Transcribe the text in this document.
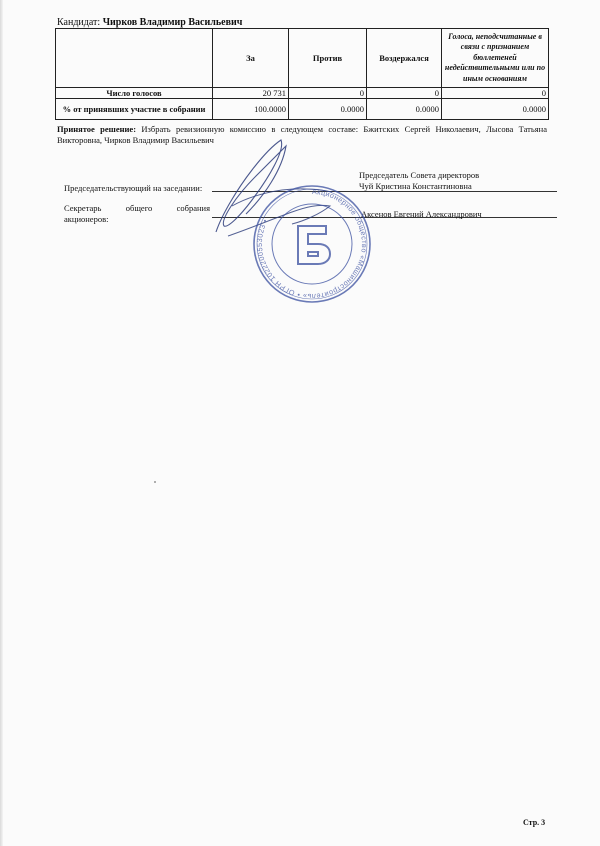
Кандидат: Чирков Владимир Васильевич
	За	Против	Воздержался	Голоса, неподсчитанные в связи с признанием бюллетеней недействительными или по иным основаниям
Число голосов	20 731	0	0	0
% от принявших участие в собрании	100.0000	0.0000	0.0000	0.0000
Принятое решение: Избрать ревизионную комиссию в следующем составе: Бжитских Сергей Николаевич, Лысова Татьяна Викторовна, Чирков Владимир Васильевич
Председательствующий на заседании:
Председатель Совета директоров
Чуй Кристина Константиновна
Секретарь общего собрания акционеров:	Аксенов Евгений Александрович
Акционерное общество «Машиностроитель» • ОГРН 1022200553023 •
Стр. 3
